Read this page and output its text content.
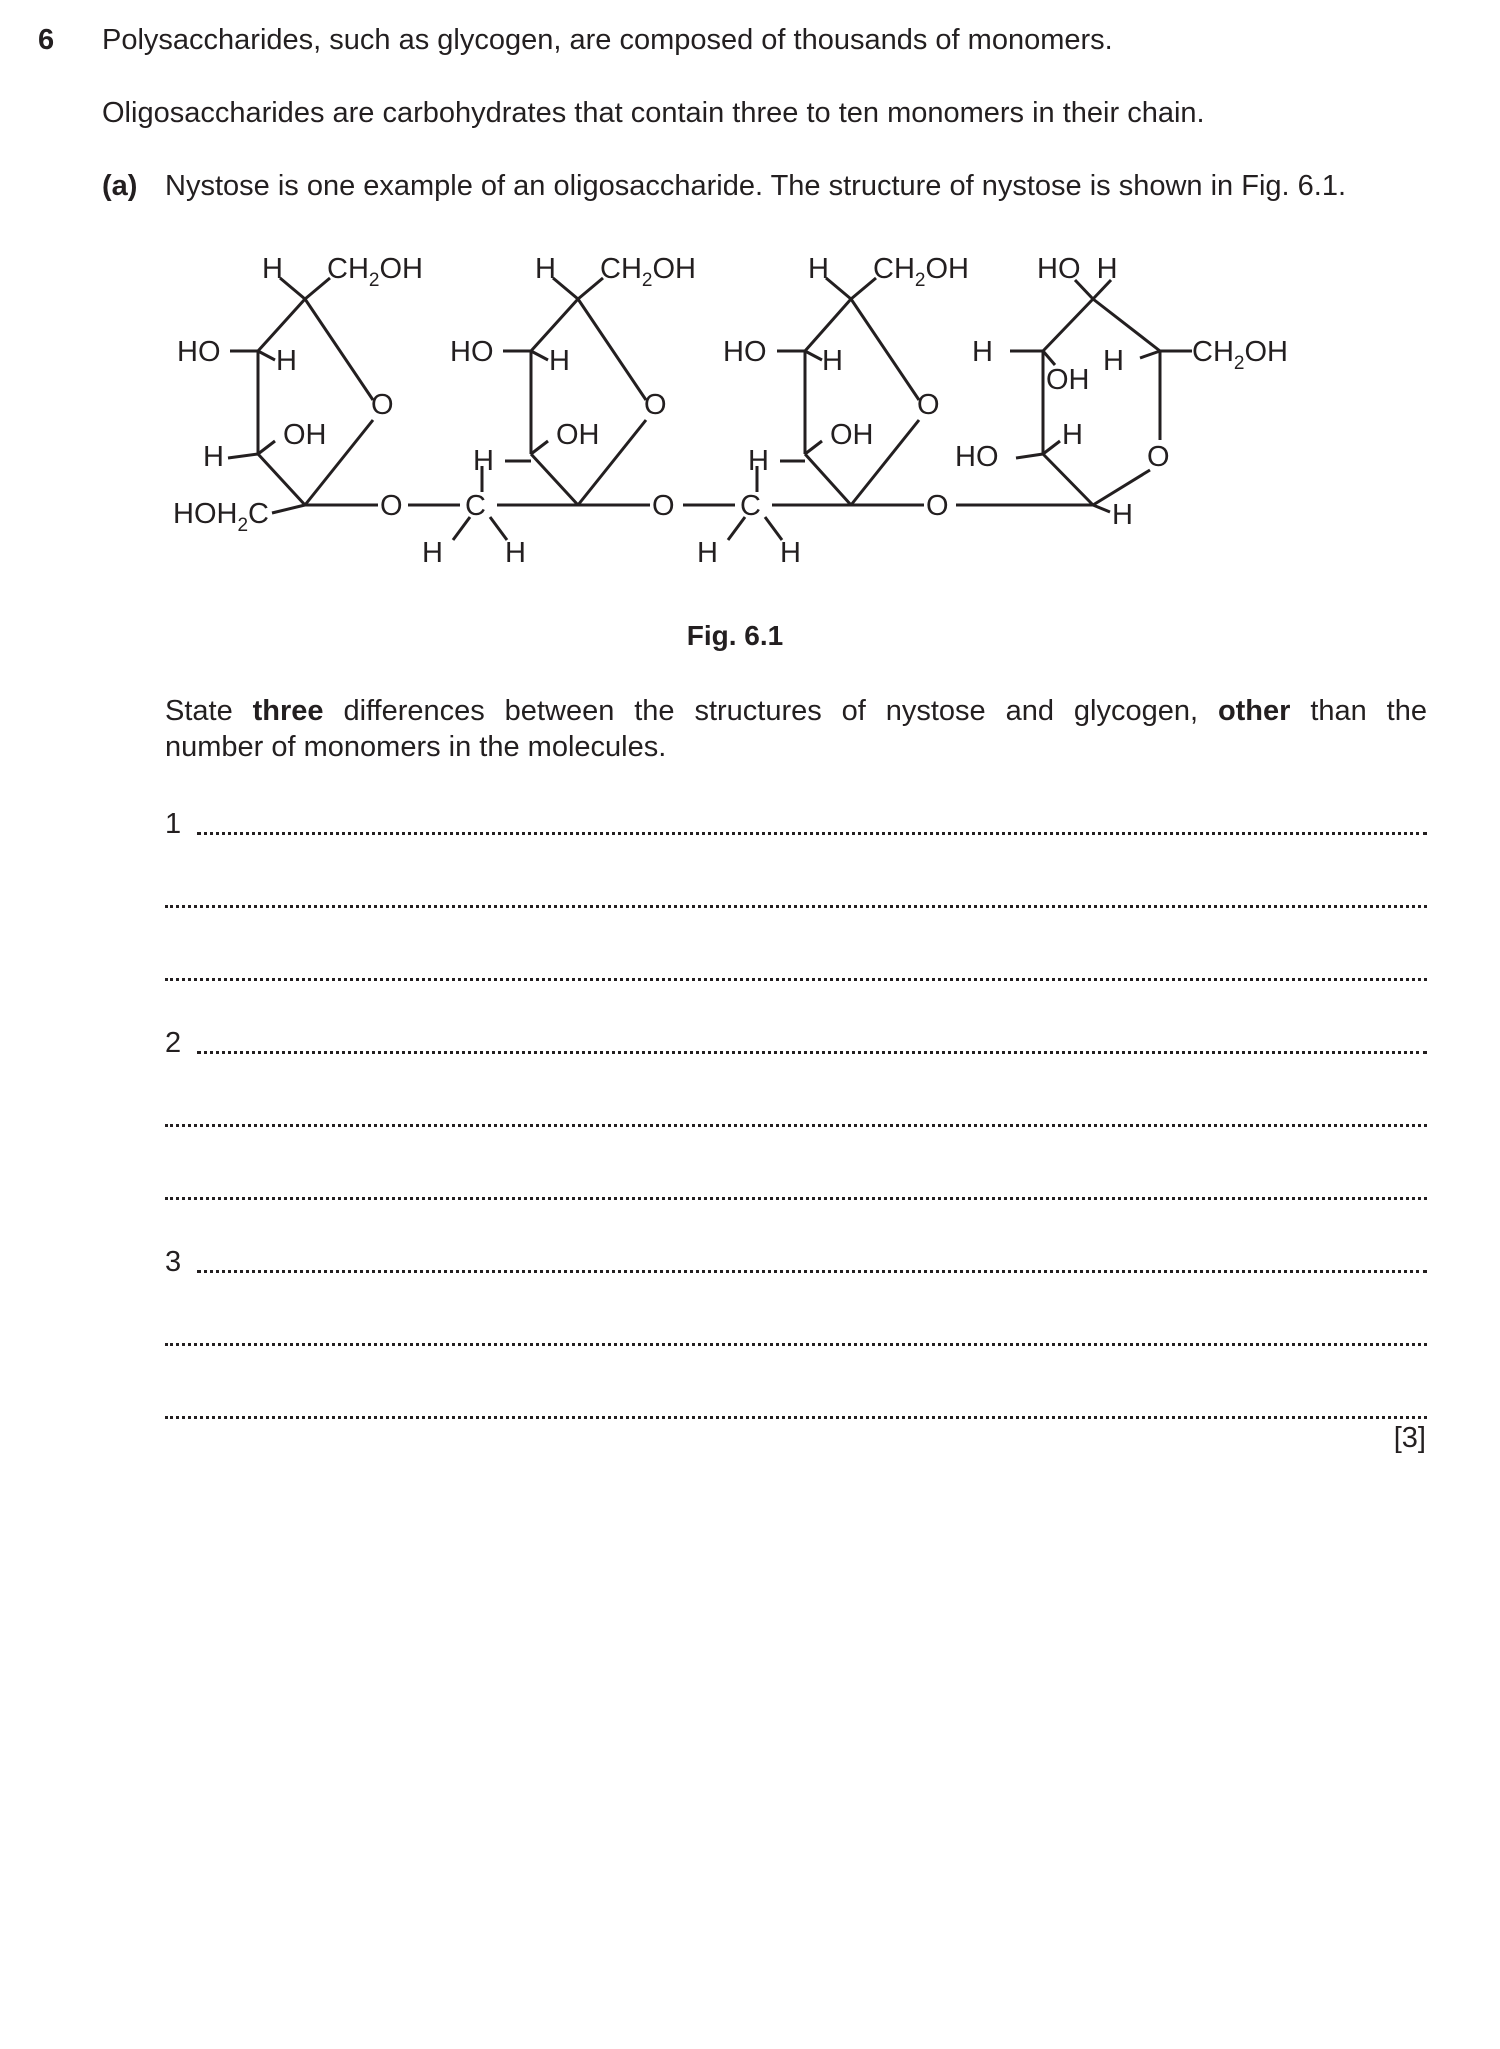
6 Polysaccharides, such as glycogen, are composed of thousands of monomers.
Oligosaccharides are carbohydrates that contain three to ten monomers in their chain.
(a) Nystose is one example of an oligosaccharide. The structure of nystose is shown in Fig. 6.1.
H $CH_2OH$
HO H
O
OH
H
$HOH_2C$	O C
H
H H
H $CH_2OH$
HO H
O
OH
O C
H
H H
H $CH_2OH$
HO H
O
OH
O
HO  H
H
OH
H $CH_2OH$
H
HO	O
H
Fig. 6.1
State three differences between the structures of nystose and glycogen, other than the
number of monomers in the molecules.
1
2
3
[3]
